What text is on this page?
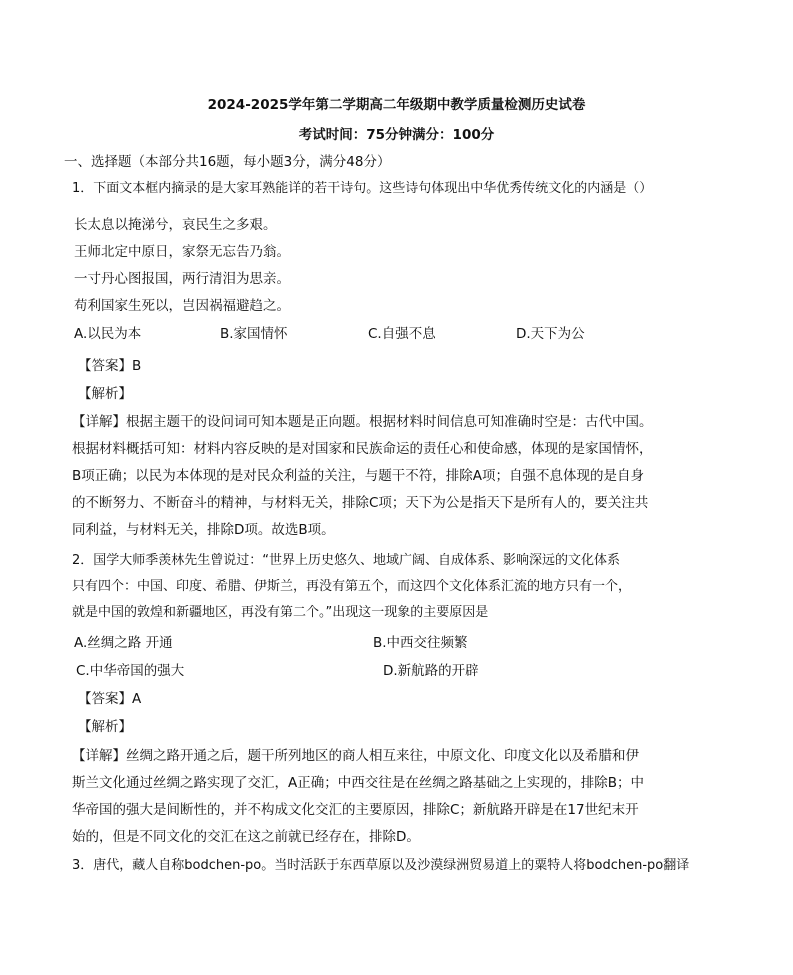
2024-2025学年第二学期高二年级期中教学质量检测历史试卷
考试时间：75分钟满分：100分
一、选择题（本部分共16题，每小题3分，满分48分）
1．下面文本框内摘录的是大家耳熟能详的若干诗句。这些诗句体现出中华优秀传统文化的内涵是（）
长太息以掩涕兮，哀民生之多艰。
王师北定中原日，家祭无忘告乃翁。
一寸丹心图报国，两行清泪为思亲。
苟利国家生死以，岂因祸福避趋之。
A.以民为本	B.家国情怀	C.自强不息	D.天下为公
【答案】B
【解析】
【详解】根据主题干的设问词可知本题是正向题。根据材料时间信息可知准确时空是：古代中国。
根据材料概括可知：材料内容反映的是对国家和民族命运的责任心和使命感，体现的是家国情怀，
B项正确；以民为本体现的是对民众利益的关注，与题干不符，排除A项；自强不息体现的是自身
的不断努力、不断奋斗的精神，与材料无关，排除C项；天下为公是指天下是所有人的，要关注共
同利益，与材料无关，排除D项。故选B项。
2．国学大师季羡林先生曾说过：“世界上历史悠久、地域广阔、自成体系、影响深远的文化体系
只有四个：中国、印度、希腊、伊斯兰，再没有第五个，而这四个文化体系汇流的地方只有一个，
就是中国的敦煌和新疆地区，再没有第二个。”出现这一现象的主要原因是
A.丝绸之路 开通	B.中西交往频繁
C.中华帝国的强大	D.新航路的开辟
【答案】A
【解析】
【详解】丝绸之路开通之后，题干所列地区的商人相互来往，中原文化、印度文化以及希腊和伊
斯兰文化通过丝绸之路实现了交汇，A正确；中西交往是在丝绸之路基础之上实现的，排除B；中
华帝国的强大是间断性的，并不构成文化交汇的主要原因，排除C；新航路开辟是在17世纪末开
始的，但是不同文化的交汇在这之前就已经存在，排除D。
3．唐代，藏人自称bodchen-po。当时活跃于东西草原以及沙漠绿洲贸易道上的粟特人将bodchen-po翻译
